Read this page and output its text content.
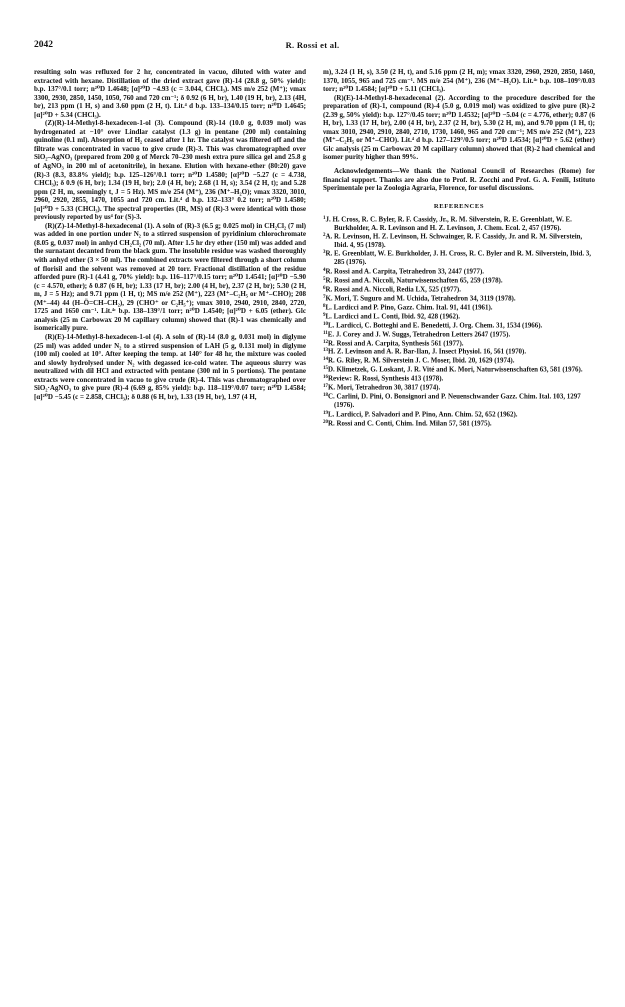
2042	R. Rossi et al.

resulting soln was refluxed for 2 hr, concentrated in vacuo, diluted with water and extracted with hexane. Distillation of the dried extract gave (R)-14 (28.8 g, 50% yield): b.p. 137°/0.1 torr; n²⁰D 1.4648; [α]²⁰D −4.93 (c = 3.044, CHCl₃). MS m/e 252 (M⁺); νmax 3300, 2930, 2850, 1450, 1050, 760 and 720 cm⁻¹; δ 0.92 (6 H, br), 1.40 (19 H, br), 2.13 (4H, br), 213 ppm (1 H, s) and 3.60 ppm (2 H, t). Lit.⁴ d b.p. 133–134/0.15 torr; n²⁰D 1.4645; [α]²⁰D + 5.34 (CHCl₃).

(Z)(R)-14-Methyl-8-hexadecen-1-ol (3). Compound (R)-14 (10.0 g, 0.039 mol) was hydrogenated at −10° over Lindlar catalyst (1.3 g) in pentane (200 ml) containing quinoline (0.1 ml). Absorption of H₂ ceased after 1 hr. The catalyst was filtered off and the filtrate was concentrated in vacuo to give crude (R)-3. This was chromatographed over SiO₂–AgNO₃ (prepared from 200 g of Merck 70–230 mesh extra pure silica gel and 25.8 g of AgNO₃ in 200 ml of acetonitrile), in hexane. Elution with hexane-ether (80:20) gave (R)-3 (8.3, 83.8% yield); b.p. 125–126°/0.1 torr; n²⁰D 1.4580; [α]²⁰D −5.27 (c = 4.738, CHCl₃); δ 0.9 (6 H, br); 1.34 (19 H, br); 2.0 (4 H, br); 2.68 (1 H, s); 3.54 (2 H, t); and 5.28 ppm (2 H, m, seemingly t, J = 5 Hz). MS m/e 254 (M⁺), 236 (M⁺–H₂O); νmax 3320, 3010, 2960, 2920, 2855, 1470, 1055 and 720 cm. Lit.⁴ d b.p. 132–133° 0.2 torr; n²⁰D 1.4580; [α]²⁰D + 5.33 (CHCl₃). The spectral properties (IR, MS) of (R)-3 were identical with those previously reported by us⁴ for (S)-3.

(R)(Z)-14-Methyl-8-hexadecenal (1). A soln of (R)-3 (6.5 g; 0.025 mol) in CH₂Cl₂ (7 ml) was added in one portion under N₂ to a stirred suspension of pyridinium chlorochromate (8.05 g, 0.037 mol) in anhyd CH₂Cl₂ (70 ml). After 1.5 hr dry ether (150 ml) was added and the surnatant decanted from the black gum. The insoluble residue was washed thoroughly with anhyd ether (3 × 50 ml). The combined extracts were filtered through a short column of florisil and the solvent was removed at 20 torr. Fractional distillation of the residue afforded pure (R)-1 (4.41 g, 70% yield): b.p. 116–117°/0.15 torr; n²⁰D 1.4541; [α]²⁰D −5.90 (c = 4.570, ether); δ 0.87 (6 H, br); 1.33 (17 H, br); 2.00 (4 H, br), 2.37 (2 H, br); 5.30 (2 H, m, J = 5 Hz); and 9.71 ppm (1 H, t); MS m/e 252 (M⁺), 223 (M⁺–C₂H₅ or M⁺–CHO); 208 (M⁺–44) 44 (H–Ö=CH–CH₂), 29 (CHO⁺ or C₂H₅⁺); νmax 3010, 2940, 2910, 2840, 2720, 1725 and 1650 cm⁻¹. Lit.⁴ᶜ b.p. 138–139°/1 torr; n²⁰D 1.4540; [α]²⁰D + 6.05 (ether). Glc analysis (25 m Carbowax 20 M capillary column) showed that (R)-1 was chemically and isomerically pure.

(R)(E)-14-Methyl-8-hexadecen-1-ol (4). A soln of (R)-14 (8.0 g, 0.031 mol) in diglyme (25 ml) was added under N₂ to a stirred suspension of LAH (5 g, 0.131 mol) in diglyme (100 ml) cooled at 10°. After keeping the temp. at 140° for 48 hr, the mixture was cooled and slowly hydrolysed under N₂ with degassed ice-cold water. The aqueous slurry was neutralized with dil HCl and extracted with pentane (300 ml in 5 portions). The pentane extracts were concentrated in vacuo to give crude (R)-4. This was chromatographed over SiO₂·AgNO₃ to give pure (R)-4 (6.69 g, 85% yield): b.p. 118–119°/0.07 torr; n²⁰D 1.4584; [α]²⁰D −5.45 (c = 2.858, CHCl₃); δ 0.88 (6 H, br), 1.33 (19 H, br), 1.97 (4 H,

m), 3.24 (1 H, s), 3.50 (2 H, t), and 5.16 ppm (2 H, m); νmax 3320, 2960, 2920, 2850, 1460, 1370, 1055, 965 and 725 cm⁻¹. MS m/e 254 (M⁺), 236 (M⁺–H₂O). Lit.⁴ᶜ b.p. 108–109°/0.03 torr; n²⁰D 1.4584; [α]²⁰D + 5.11 (CHCl₃).

(R)(E)-14-Methyl-8-hexadecenal (2). According to the procedure described for the preparation of (R)-1, compound (R)-4 (5.0 g, 0.019 mol) was oxidized to give pure (R)-2 (2.39 g, 50% yield): b.p. 127°/0.45 torr; n²⁰D 1.4532; [α]²⁰D −5.04 (c = 4.776, ether); 0.87 (6 H, br), 1.33 (17 H, br), 2.00 (4 H, br), 2.37 (2 H, br), 5.30 (2 H, m), and 9.70 ppm (1 H, t); νmax 3010, 2940, 2910, 2840, 2710, 1730, 1460, 965 and 720 cm⁻¹; MS m/e 252 (M⁺), 223 (M⁺–C₂H₅ or M⁺–CHO). Lit.⁴ d b.p. 127–129°/0.5 torr; n²⁰D 1.4534; [α]²⁰D + 5.62 (ether) Glc analysis (25 m Carbowax 20 M capillary column) showed that (R)-2 had chemical and isomer purity higher than 99%.

Acknowledgements—We thank the National Council of Researches (Rome) for financial support. Thanks are also due to Prof. R. Zocchi and Prof. G. A. Fenili, Istituto Sperimentale per la Zoologia Agraria, Florence, for useful discussions.

REFERENCES
$^1$J. H. Cross, R. C. Byler, R. F. Cassidy, Jr., R. M. Silverstein, R. E. Greenblatt, W. E. Burkholder, A. R. Levinson and H. Z. Levinson, J. Chem. Ecol. 2, 457 (1976).
$^2$A. R. Levinson, H. Z. Levinson, H. Schwainger, R. F. Cassidy, Jr. and R. M. Silverstein, Ibid. 4, 95 (1978).
$^3$R. E. Greenblatt, W. E. Burkholder, J. H. Cross, R. C. Byler and R. M. Silverstein, Ibid. 3, 285 (1976).
$^4$R. Rossi and A. Carpita, Tetrahedron 33, 2447 (1977).
$^5$R. Rossi and A. Niccoli, Naturwissenschaften 65, 259 (1978).
$^6$R. Rossi and A. Niccoli, Redia LX, 525 (1977).
$^7$K. Mori, T. Suguro and M. Uchida, Tetrahedron 34, 3119 (1978).
$^8$L. Lardicci and P. Pino, Gazz. Chim. Ital. 91, 441 (1961).
$^9$L. Lardicci and L. Conti, Ibid. 92, 428 (1962).
$^{10}$L. Lardicci, C. Botteghi and E. Benedetti, J. Org. Chem. 31, 1534 (1966).
$^{11}$E. J. Corey and J. W. Suggs, Tetrahedron Letters 2647 (1975).
$^{12}$R. Rossi and A. Carpita, Synthesis 561 (1977).
$^{13}$H. Z. Levinson and A. R. Bar-Ilan, J. Insect Physiol. 16, 561 (1970).
$^{14}$R. G. Riley, R. M. Silverstein J. C. Moser, Ibid. 20, 1629 (1974).
$^{15}$D. Klimetzek, G. Loskant, J. R. Vité and K. Mori, Naturwissenschaften 63, 581 (1976).
$^{16}$Review: R. Rossi, Synthesis 413 (1978).
$^{17}$K. Mori, Tetrahedron 30, 3817 (1974).
$^{18}$C. Carlini, D. Pini, O. Bonsignori and P. Neuenschwander Gazz. Chim. Ital. 103, 1297 (1976).
$^{19}$L. Lardicci, P. Salvadori and P. Pino, Ann. Chim. 52, 652 (1962).
$^{20}$R. Rossi and C. Conti, Chim. Ind. Milan 57, 581 (1975).
